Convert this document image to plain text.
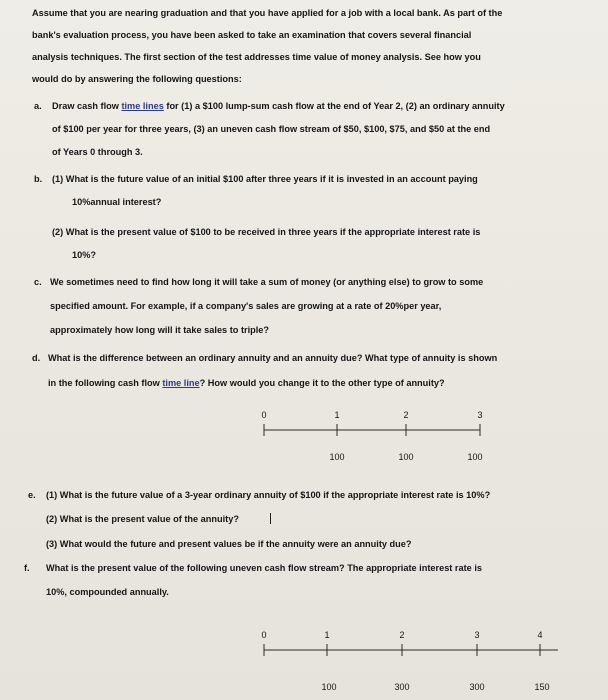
Assume that you are nearing graduation and that you have applied for a job with a local bank. As part of the
bank's evaluation process, you have been asked to take an examination that covers several financial
analysis techniques. The first section of the test addresses time value of money analysis. See how you
would do by answering the following questions:
a. Draw cash flow time lines for (1) a $100 lump-sum cash flow at the end of Year 2, (2) an ordinary annuity
of $100 per year for three years, (3) an uneven cash flow stream of $50, $100, $75, and $50 at the end
of Years 0 through 3.
b. (1) What is the future value of an initial $100 after three years if it is invested in an account paying
10%annual interest?
(2) What is the present value of $100 to be received in three years if the appropriate interest rate is
10%?
c. We sometimes need to find how long it will take a sum of money (or anything else) to grow to some
specified amount. For example, if a company's sales are growing at a rate of 20%per year,
approximately how long will it take sales to triple?
d. What is the difference between an ordinary annuity and an annuity due? What type of annuity is shown
in the following cash flow time line? How would you change it to the other type of annuity?
0	1	2	3
100	100	100
e. (1) What is the future value of a 3-year ordinary annuity of $100 if the appropriate interest rate is 10%?
(2) What is the present value of the annuity?
(3) What would the future and present values be if the annuity were an annuity due?
f. What is the present value of the following uneven cash flow stream? The appropriate interest rate is
10%, compounded annually.
0	1	2	3	4
100	300	300	150
